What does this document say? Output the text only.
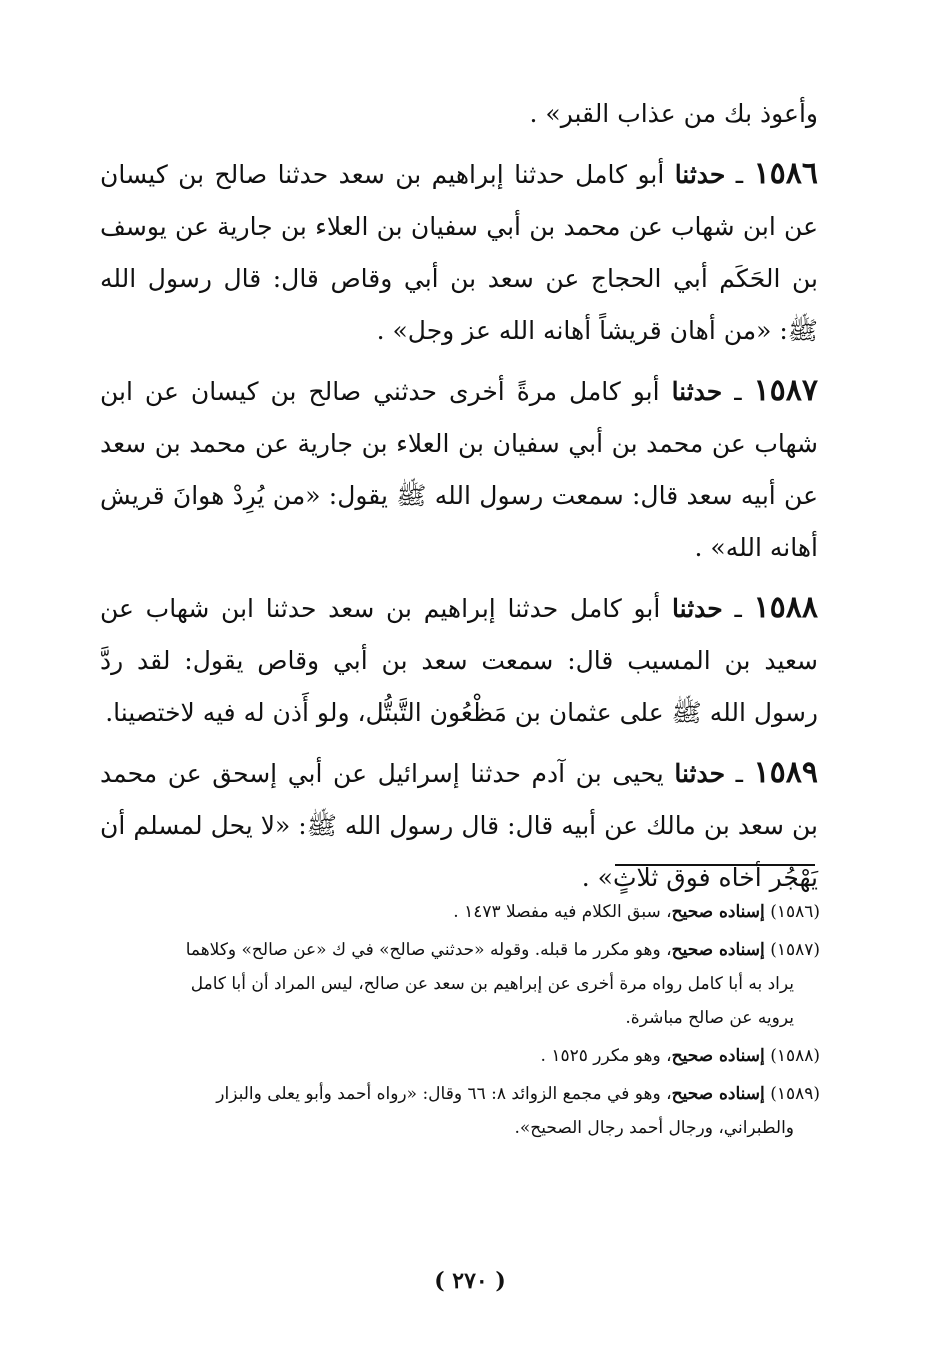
وأعوذ بك من عذاب القبر» .

١٥٨٦ ـ حدثنا أبو كامل حدثنا إبراهيم بن سعد حدثنا صالح بن كيسان عن ابن شهاب عن محمد بن أبي سفيان بن العلاء بن جارية عن يوسف بن الحَكَم أبي الحجاج عن سعد بن أبي وقاص قال: قال رسول الله ﷺ: «من أهان قريشاً أهانه الله عز وجل» .

١٥٨٧ ـ حدثنا أبو كامل مرةً أخرى حدثني صالح بن كيسان عن ابن شهاب عن محمد بن أبي سفيان بن العلاء بن جارية عن محمد بن سعد عن أبيه سعد قال: سمعت رسول الله ﷺ يقول: «من يُرِدْ هوانَ قريش أهانه الله» .

١٥٨٨ ـ حدثنا أبو كامل حدثنا إبراهيم بن سعد حدثنا ابن شهاب عن سعيد بن المسيب قال: سمعت سعد بن أبي وقاص يقول: لقد ردَّ رسول الله ﷺ على عثمان بن مَظْعُون التَّبتُّل، ولو أَذن له فيه لاختصينا.

١٥٨٩ ـ حدثنا يحيى بن آدم حدثنا إسرائيل عن أبي إسحق عن محمد بن سعد بن مالك عن أبيه قال: قال رسول الله ﷺ: «لا يحل لمسلم أن يَهْجُر أخاه فوق ثلاثٍ» .

(١٥٨٦) إسناده صحيح، سبق الكلام فيه مفصلا ١٤٧٣ .

(١٥٨٧) إسناده صحيح، وهو مكرر ما قبله. وقوله «حدثني صالح» في ك «عن صالح» وكلاهما
يراد به أبا كامل رواه مرة أخرى عن إبراهيم بن سعد عن صالح، ليس المراد أن أبا كامل
يرويه عن صالح مباشرة.

(١٥٨٨) إسناده صحيح، وهو مكرر ١٥٢٥ .

(١٥٨٩) إسناده صحيح، وهو في مجمع الزوائد ٨: ٦٦ وقال: «رواه أحمد وأبو يعلى والبزار
والطبراني، ورجال أحمد رجال الصحيح».

( ٢٧٠ )
